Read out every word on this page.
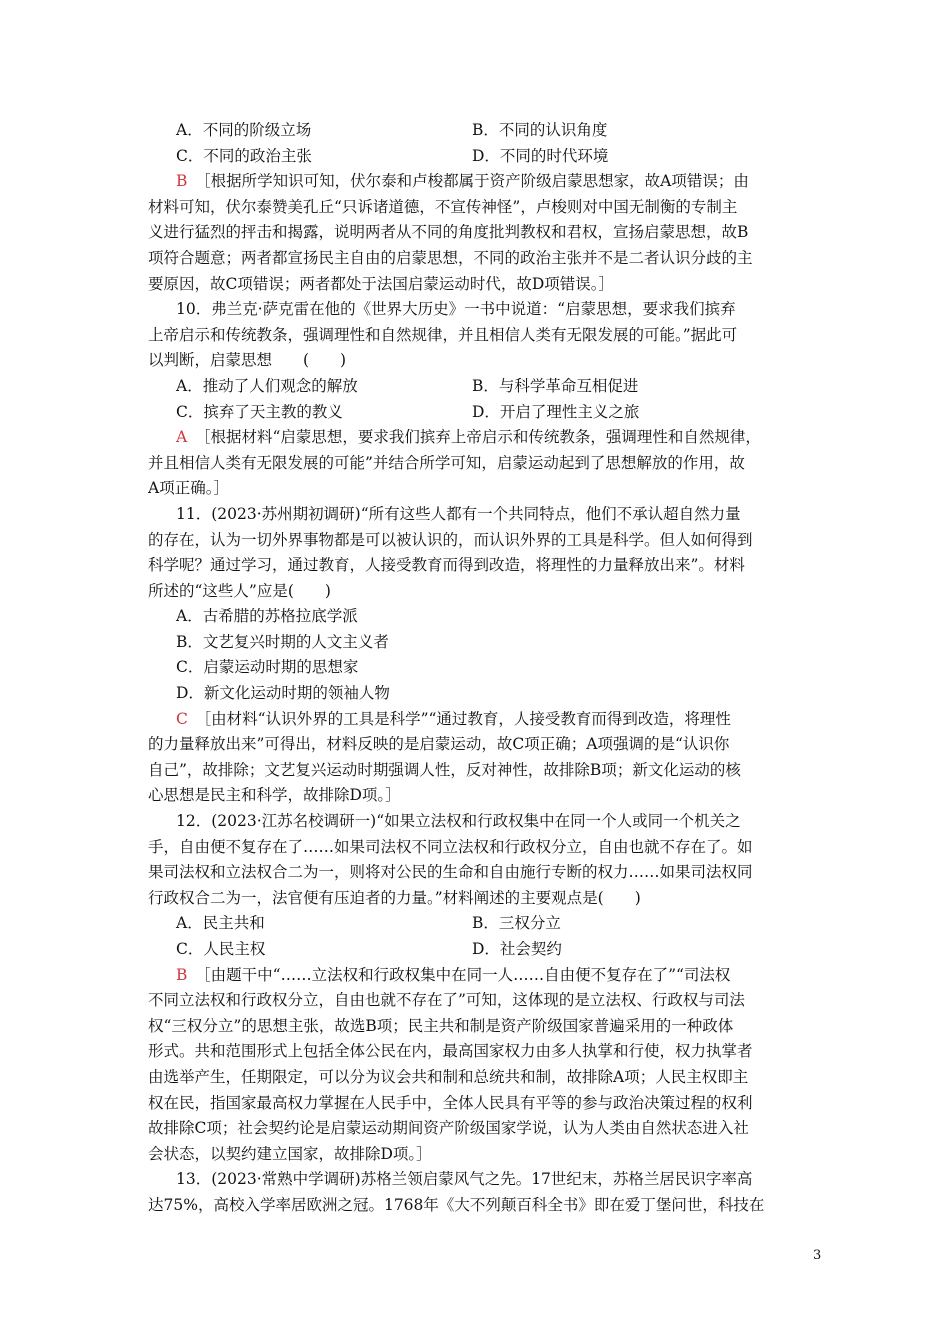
A．不同的阶级立场	B．不同的认识角度
C．不同的政治主张	D．不同的时代环境
B　 ［根据所学知识可知，伏尔泰和卢梭都属于资产阶级启蒙思想家，故A项错误；由
材料可知，伏尔泰赞美孔丘“只诉诸道德，不宣传神怪”，卢梭则对中国无制衡的专制主
义进行猛烈的抨击和揭露，说明两者从不同的角度批判教权和君权，宣扬启蒙思想，故B
项符合题意；两者都宣扬民主自由的启蒙思想，不同的政治主张并不是二者认识分歧的主
要原因，故C项错误；两者都处于法国启蒙运动时代，故D项错误。］
10．弗兰克·萨克雷在他的《世界大历史》一书中说道：“启蒙思想，要求我们摈弃
上帝启示和传统教条，强调理性和自然规律，并且相信人类有无限发展的可能。”据此可
以判断，启蒙思想　　(　　)
A．推动了人们观念的解放	B．与科学革命互相促进
C．摈弃了天主教的教义	D．开启了理性主义之旅
A　 ［根据材料“启蒙思想，要求我们摈弃上帝启示和传统教条，强调理性和自然规律，
并且相信人类有无限发展的可能”并结合所学可知，启蒙运动起到了思想解放的作用，故
A项正确。］
11．(2023·苏州期初调研)“所有这些人都有一个共同特点，他们不承认超自然力量
的存在，认为一切外界事物都是可以被认识的，而认识外界的工具是科学。但人如何得到
科学呢？通过学习，通过教育，人接受教育而得到改造，将理性的力量释放出来”。材料
所述的“这些人”应是(　　)
A．古希腊的苏格拉底学派
B．文艺复兴时期的人文主义者
C．启蒙运动时期的思想家
D．新文化运动时期的领袖人物
C　 ［由材料“认识外界的工具是科学”“通过教育，人接受教育而得到改造，将理性
的力量释放出来”可得出，材料反映的是启蒙运动，故C项正确；A项强调的是“认识你
自己”，故排除；文艺复兴运动时期强调人性，反对神性，故排除B项；新文化运动的核
心思想是民主和科学，故排除D项。］
12．(2023·江苏名校调研一)“如果立法权和行政权集中在同一个人或同一个机关之
手，自由便不复存在了……如果司法权不同立法权和行政权分立，自由也就不存在了。如
果司法权和立法权合二为一，则将对公民的生命和自由施行专断的权力……如果司法权同
行政权合二为一，法官便有压迫者的力量。”材料阐述的主要观点是(　　)
A．民主共和	B．三权分立
C．人民主权	D．社会契约
B　 ［由题干中“……立法权和行政权集中在同一人……自由便不复存在了”“司法权
不同立法权和行政权分立，自由也就不存在了”可知，这体现的是立法权、行政权与司法
权“三权分立”的思想主张，故选B项；民主共和制是资产阶级国家普遍采用的一种政体
形式。共和范围形式上包括全体公民在内，最高国家权力由多人执掌和行使，权力执掌者
由选举产生，任期限定，可以分为议会共和制和总统共和制，故排除A项；人民主权即主
权在民，指国家最高权力掌握在人民手中，全体人民具有平等的参与政治决策过程的权利
故排除C项；社会契约论是启蒙运动期间资产阶级国家学说，认为人类由自然状态进入社
会状态，以契约建立国家，故排除D项。］
13．(2023·常熟中学调研)苏格兰领启蒙风气之先。17世纪末，苏格兰居民识字率高
达75%，高校入学率居欧洲之冠。1768年《大不列颠百科全书》即在爱丁堡问世，科技在
3
